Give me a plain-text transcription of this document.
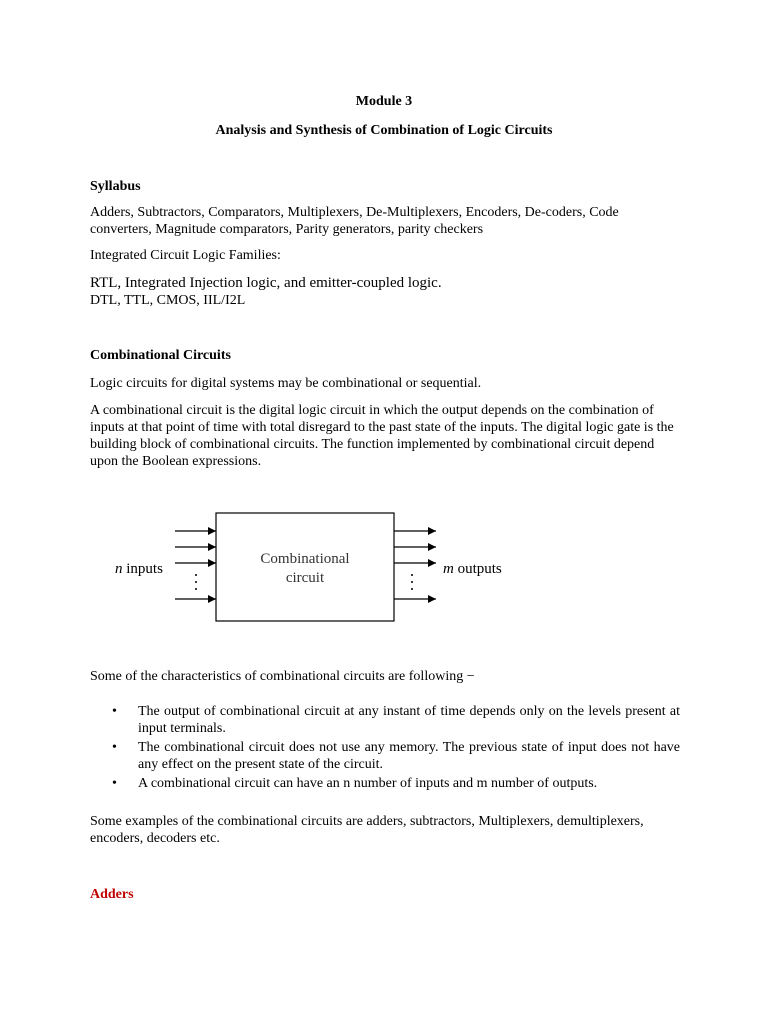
Module 3

Analysis and Synthesis of Combination of Logic Circuits

Syllabus

Adders, Subtractors, Comparators, Multiplexers, De-Multiplexers, Encoders, De-coders, Code converters, Magnitude comparators, Parity generators, parity checkers

Integrated Circuit Logic Families:

RTL, Integrated Injection logic, and emitter-coupled logic.

DTL, TTL, CMOS, IIL/I2L

Combinational Circuits

Logic circuits for digital systems may be combinational or sequential.

A combinational circuit is the digital logic circuit in which the output depends on the combination of inputs at that point of time with total disregard to the past state of the inputs. The digital logic gate is the building block of combinational circuits. The function implemented by combinational circuit depend upon the Boolean expressions.

Combinational
circuit
n inputs	m outputs

Some of the characteristics of combinational circuits are following −

•	The output of combinational circuit at any instant of time depends only on the levels present at input terminals.
•	The combinational circuit does not use any memory. The previous state of input does not have any effect on the present state of the circuit.
•	A combinational circuit can have an n number of inputs and m number of outputs.

Some examples of the combinational circuits are adders, subtractors, Multiplexers, demultiplexers, encoders, decoders etc.

Adders
